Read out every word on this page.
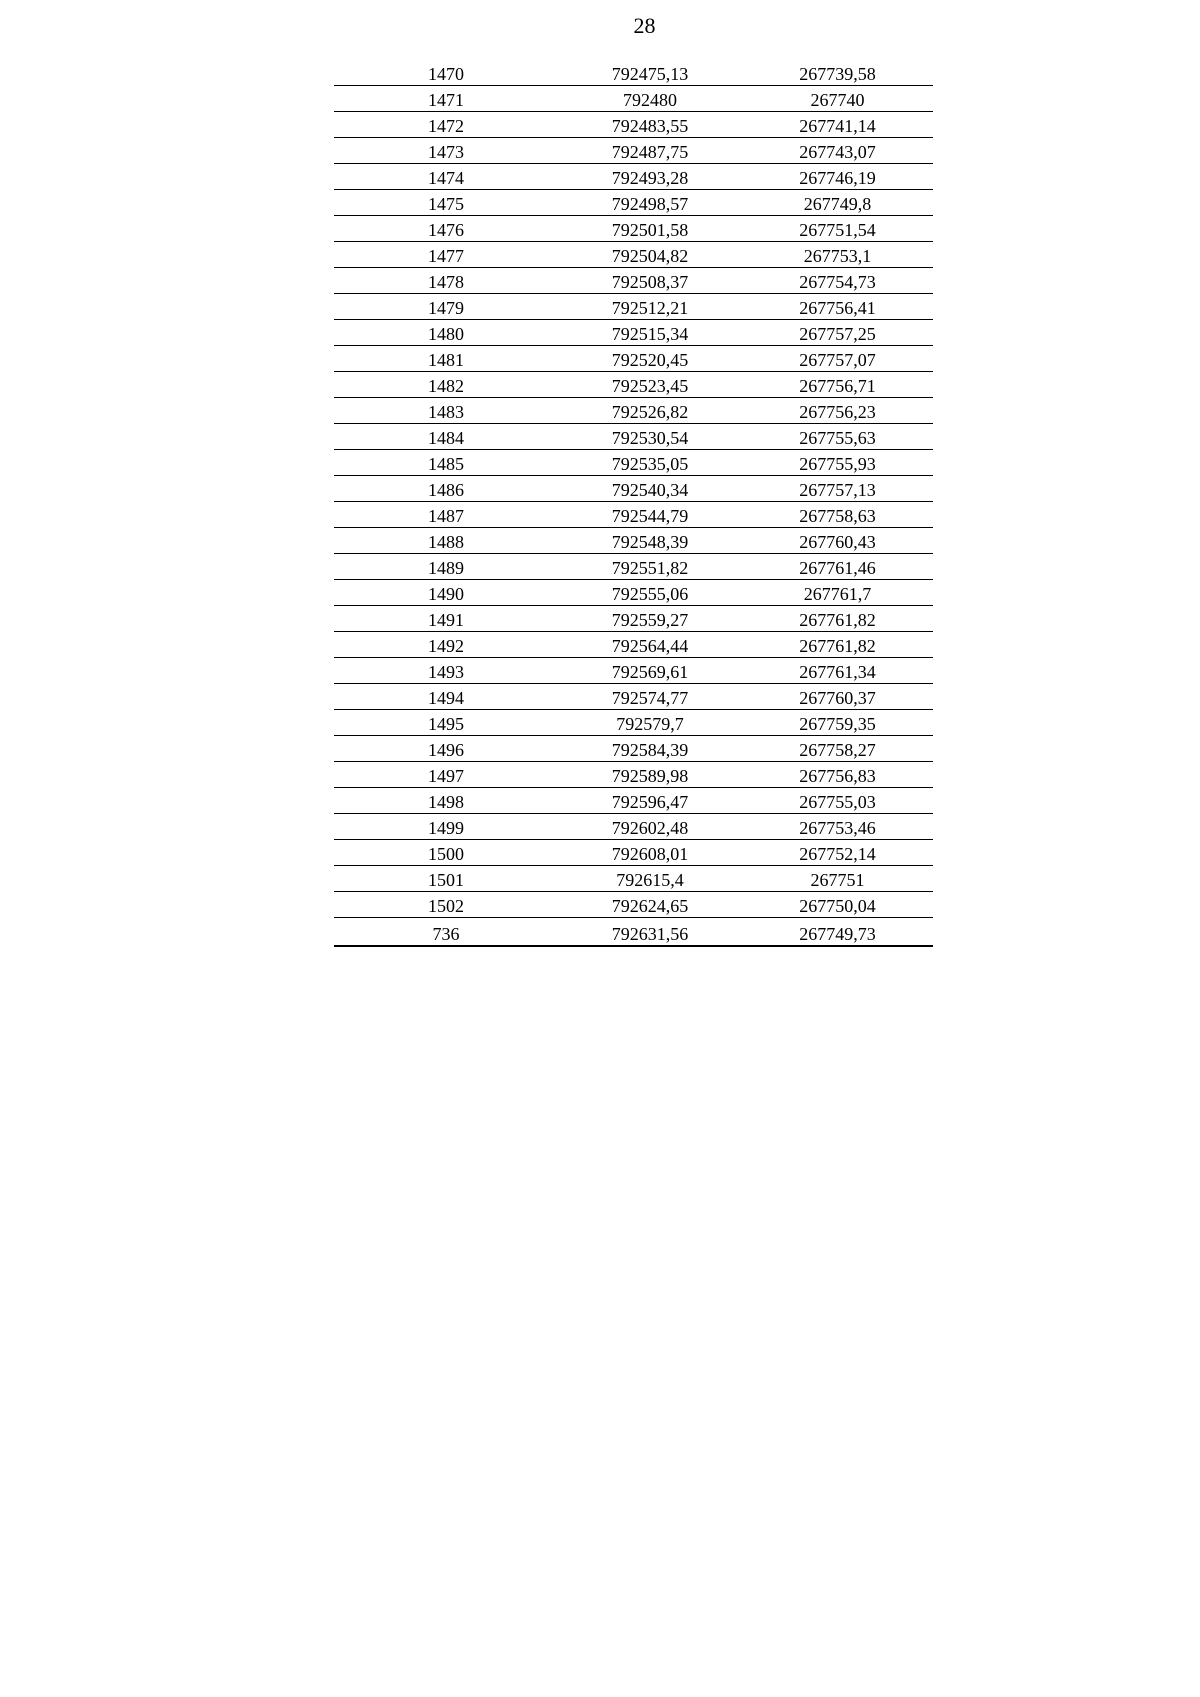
28
1470	792475,13	267739,58
1471	792480	267740
1472	792483,55	267741,14
1473	792487,75	267743,07
1474	792493,28	267746,19
1475	792498,57	267749,8
1476	792501,58	267751,54
1477	792504,82	267753,1
1478	792508,37	267754,73
1479	792512,21	267756,41
1480	792515,34	267757,25
1481	792520,45	267757,07
1482	792523,45	267756,71
1483	792526,82	267756,23
1484	792530,54	267755,63
1485	792535,05	267755,93
1486	792540,34	267757,13
1487	792544,79	267758,63
1488	792548,39	267760,43
1489	792551,82	267761,46
1490	792555,06	267761,7
1491	792559,27	267761,82
1492	792564,44	267761,82
1493	792569,61	267761,34
1494	792574,77	267760,37
1495	792579,7	267759,35
1496	792584,39	267758,27
1497	792589,98	267756,83
1498	792596,47	267755,03
1499	792602,48	267753,46
1500	792608,01	267752,14
1501	792615,4	267751
1502	792624,65	267750,04
736	792631,56	267749,73
